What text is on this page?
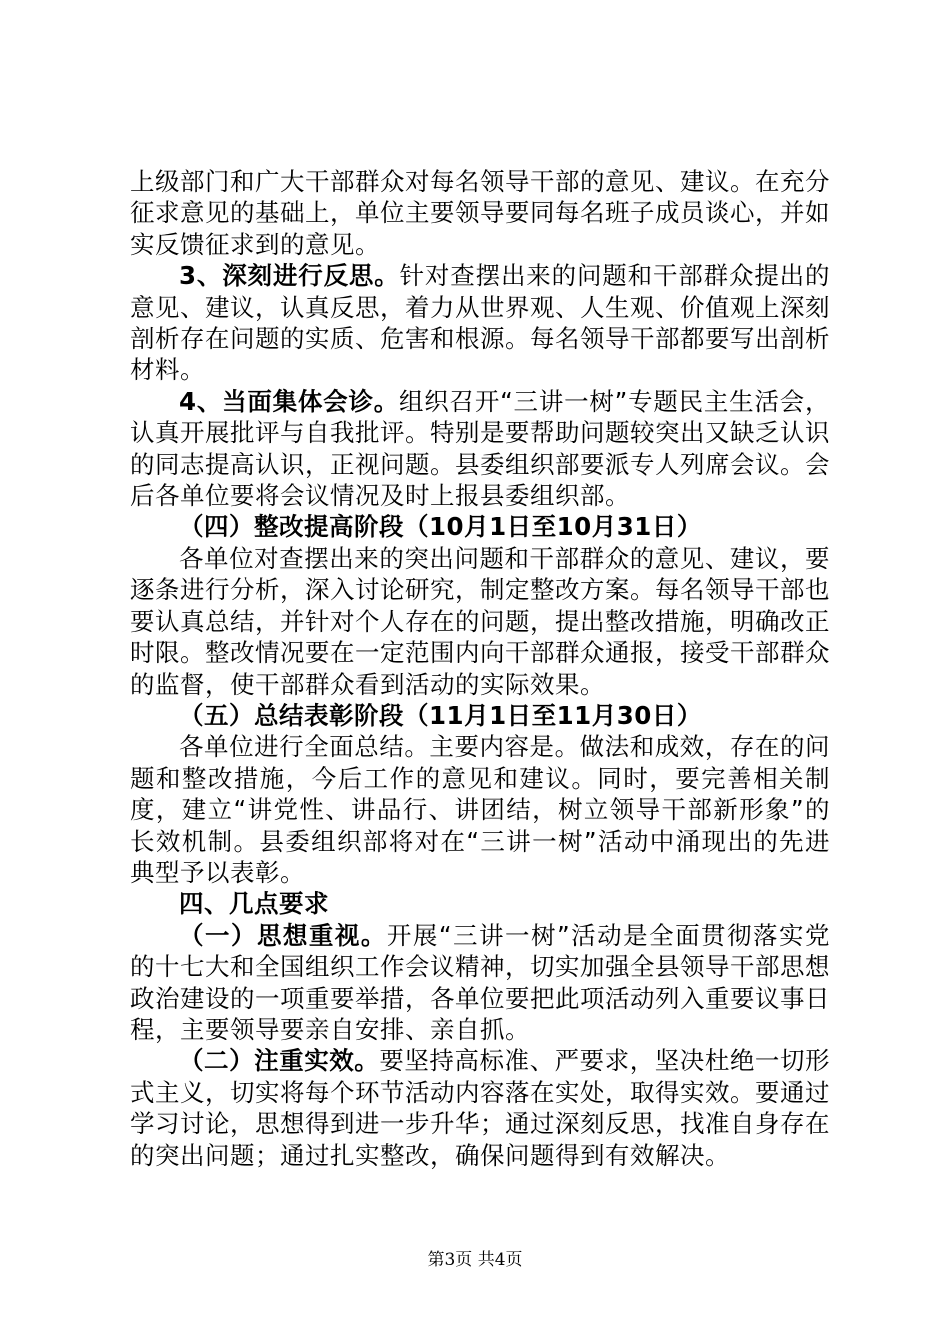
上级部门和广大干部群众对每名领导干部的意见、建议。在充分征求意见的基础上，单位主要领导要同每名班子成员谈心，并如实反馈征求到的意见。

3、深刻进行反思。针对查摆出来的问题和干部群众提出的意见、建议，认真反思，着力从世界观、人生观、价值观上深刻剖析存在问题的实质、危害和根源。每名领导干部都要写出剖析材料。

4、当面集体会诊。组织召开“三讲一树”专题民主生活会，认真开展批评与自我批评。特别是要帮助问题较突出又缺乏认识的同志提高认识，正视问题。县委组织部要派专人列席会议。会后各单位要将会议情况及时上报县委组织部。

（四）整改提高阶段（10月1日至10月31日）

各单位对查摆出来的突出问题和干部群众的意见、建议，要逐条进行分析，深入讨论研究，制定整改方案。每名领导干部也要认真总结，并针对个人存在的问题，提出整改措施，明确改正时限。整改情况要在一定范围内向干部群众通报，接受干部群众的监督，使干部群众看到活动的实际效果。

（五）总结表彰阶段（11月1日至11月30日）

各单位进行全面总结。主要内容是。做法和成效，存在的问题和整改措施，今后工作的意见和建议。同时，要完善相关制度，建立“讲党性、讲品行、讲团结，树立领导干部新形象”的长效机制。县委组织部将对在“三讲一树”活动中涌现出的先进典型予以表彰。

四、几点要求

（一）思想重视。开展“三讲一树”活动是全面贯彻落实党的十七大和全国组织工作会议精神，切实加强全县领导干部思想政治建设的一项重要举措，各单位要把此项活动列入重要议事日程，主要领导要亲自安排、亲自抓。

（二）注重实效。要坚持高标准、严要求，坚决杜绝一切形式主义，切实将每个环节活动内容落在实处，取得实效。要通过学习讨论，思想得到进一步升华；通过深刻反思，找准自身存在的突出问题；通过扎实整改，确保问题得到有效解决。

第3页 共4页
